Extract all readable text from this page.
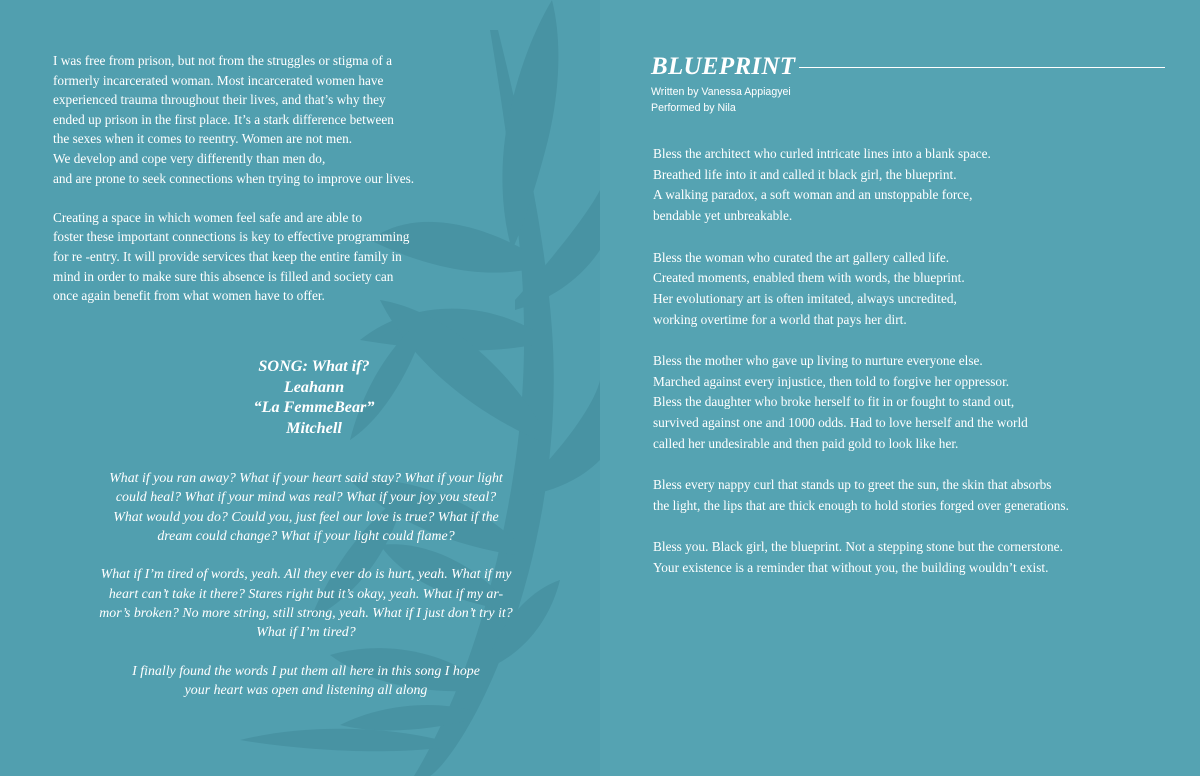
I was free from prison, but not from the struggles or stigma of a

formerly incarcerated woman. Most incarcerated women have

experienced trauma throughout their lives, and that’s why they

ended up prison in the first place. It’s a stark difference between

the sexes when it comes to reentry. Women are not men.

We develop and cope very differently than men do,

and are prone to seek connections when trying to improve our lives.

Creating a space in which women feel safe and are able to

foster these important connections is key to effective programming

for re -entry. It will provide services that keep the entire family in

mind in order to make sure this absence is filled and society can

once again benefit from what women have to offer.

SONG: What if?
Leahann
“La FemmeBear”
Mitchell

What if you ran away? What if your heart said stay? What if your light

could heal? What if your mind was real? What if your joy you steal?

What would you do? Could you, just feel our love is true? What if the

dream could change? What if your light could flame?

What if I’m tired of words, yeah. All they ever do is hurt, yeah. What if my

heart can’t take it there? Stares right but it’s okay, yeah. What if my ar-

mor’s broken? No more string, still strong, yeah. What if I just don’t try it?

What if I’m tired?

I finally found the words I put them all here in this song I hope

your heart was open and listening all along

BLUEPRINT

Written by Vanessa Appiagyei

Performed by Nila

Bless the architect who curled intricate lines into a blank space.

Breathed life into it and called it black girl, the blueprint.

A walking paradox, a soft woman and an unstoppable force,

bendable yet unbreakable.

Bless the woman who curated the art gallery called life.

Created moments, enabled them with words, the blueprint.

Her evolutionary art is often imitated, always uncredited,

working overtime for a world that pays her dirt.

Bless the mother who gave up living to nurture everyone else.

Marched against every injustice, then told to forgive her oppressor.

Bless the daughter who broke herself to fit in or fought to stand out,

survived against one and 1000 odds. Had to love herself and the world

called her undesirable and then paid gold to look like her.

Bless every nappy curl that stands up to greet the sun, the skin that absorbs

the light, the lips that are thick enough to hold stories forged over generations.

Bless you. Black girl, the blueprint. Not a stepping stone but the cornerstone.

Your existence is a reminder that without you, the building wouldn’t exist.
